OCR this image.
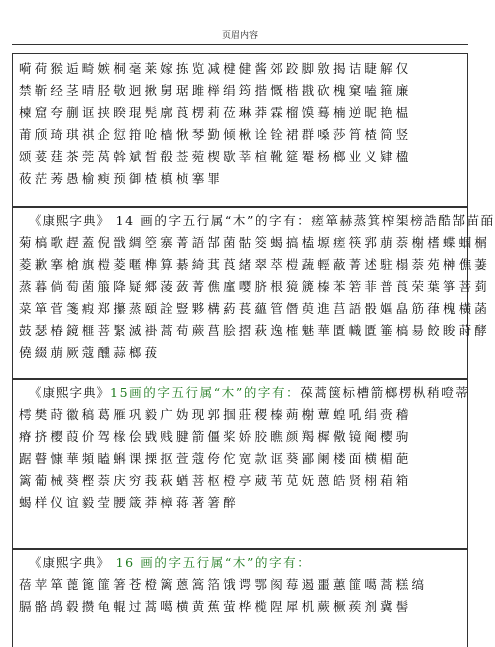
页眉内容
嗬荷猴逅畸嫉桐毫莱嫁拣览减楗健酱郊跤脚敫揭诘睫解仅
禁靳经茎晴胫敬迥揪舅琚雎榉绢筠揩慨楷戡砍槐窠嗑箍廉
楝窟夸蒯诓挟睽琨髡廓莨楞莉莅琳莽霖榴馍蓦楠逆昵艳榅
莆颀琦琪祺企愆箝呛樯愀琴勤倾楸诠铨裙群嗓莎筲楂简竖
颂荽莛茶莞莴斡斌皙殽莶菀楔歇莘楦靴筵罨杨榔业义肄楹
莜茫莠愚榆瘐预御楂槙桢搴罪
《康熙字典》 14 画的字五行属“木”的字有：瘥箪赫蒸箕榨榘榜誥酷郜苗皕
菊槁歌趕蓋倪戩綢箜寨菁語郜菌骷筊蝎搞榼塬瘥筷郛萠萘榭榰蝶蝈榍
菱歉搴槍旗榿菱暱榫算綦綺萁莨緒翠萃榿蔬輕蔽菁述駐榻萘苑榊僬萋
蒸暮倘萄菌箙降疑郷蓤蔹菁僬廑嘤脐根獍篪榛苯箬菲普莨荣葉箏菩菿
菜箪菅箋瘕郑攥蒸頤詮豎夥構葯萇蘊管僭萸進莒語骰嫗皛筋葎槐橫菡
鼓瑟椿鏡榧菩緊滅褂蒿荀蕨菖脍摺萩逸榷魅華匱幟匱箠槁昜餃睃莳酵
僥綴萠厥蔻醺蒜榔菝
《康熙字典》15画的字五行属“木”的字有：葆蒿箧标槽箭榔楞枞稍噔蒂
樗樊莳徽稿葛雁巩毅广妫现郭掴莊稷榛蒴榭蕈蝗吼绢赍稽
瘠挤樱葭价驾椽侩戥贱腱箭僵桨娇胶瞧颜羯樨儆镜阉樱驹
踞瞽慷華頻瞌蝌课搮抠萱蔻侉佗宽款诓葵鄙阑楼面横楣葩
篱葡械葵樫萘庆穷莪萩蝤菩枢橙亭葳苇苋妩蒽皓贤栩葙箱
蝎样仪谊毅莹腰箴莽樟蒋著箸醉
《康熙字典》 16 画的字五行属“木”的字有：
蓓苹箪蓖篦篚箸苍橙篱蒽篙箔饿谔鄂阂莓遏噩蕙篚噶蒿糕缟
膈骼鸪毂攒龟輥过蒿噶横黄蕉萤桦榄陧犀机蕨橛蒺剂冀髻
